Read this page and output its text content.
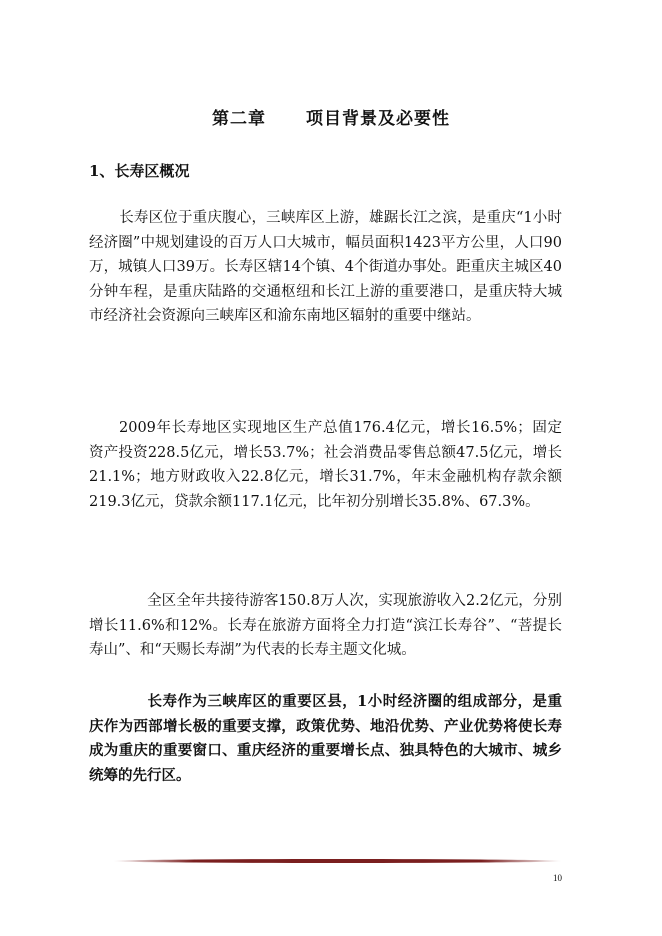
第二章 项目背景及必要性
1、长寿区概况

长寿区位于重庆腹心，三峡库区上游，雄踞长江之滨，是重庆“1小时经济圈”中规划建设的百万人口大城市，幅员面积1423平方公里，人口90万，城镇人口39万。长寿区辖14个镇、4个街道办事处。距重庆主城区40分钟车程，是重庆陆路的交通枢纽和长江上游的重要港口，是重庆特大城市经济社会资源向三峡库区和渝东南地区辐射的重要中继站。

2009年长寿地区实现地区生产总值176.4亿元，增长16.5%；固定资产投资228.5亿元，增长53.7%；社会消费品零售总额47.5亿元，增长21.1%；地方财政收入22.8亿元，增长31.7%，年末金融机构存款余额219.3亿元，贷款余额117.1亿元，比年初分别增长35.8%、67.3%。

全区全年共接待游客150.8万人次，实现旅游收入2.2亿元，分别增长11.6%和12%。长寿在旅游方面将全力打造“滨江长寿谷”、“菩提长寿山”、和“天赐长寿湖”为代表的长寿主题文化城。

长寿作为三峡库区的重要区县，1小时经济圈的组成部分，是重庆作为西部增长极的重要支撑，政策优势、地沿优势、产业优势将使长寿成为重庆的重要窗口、重庆经济的重要增长点、独具特色的大城市、城乡统筹的先行区。

10
